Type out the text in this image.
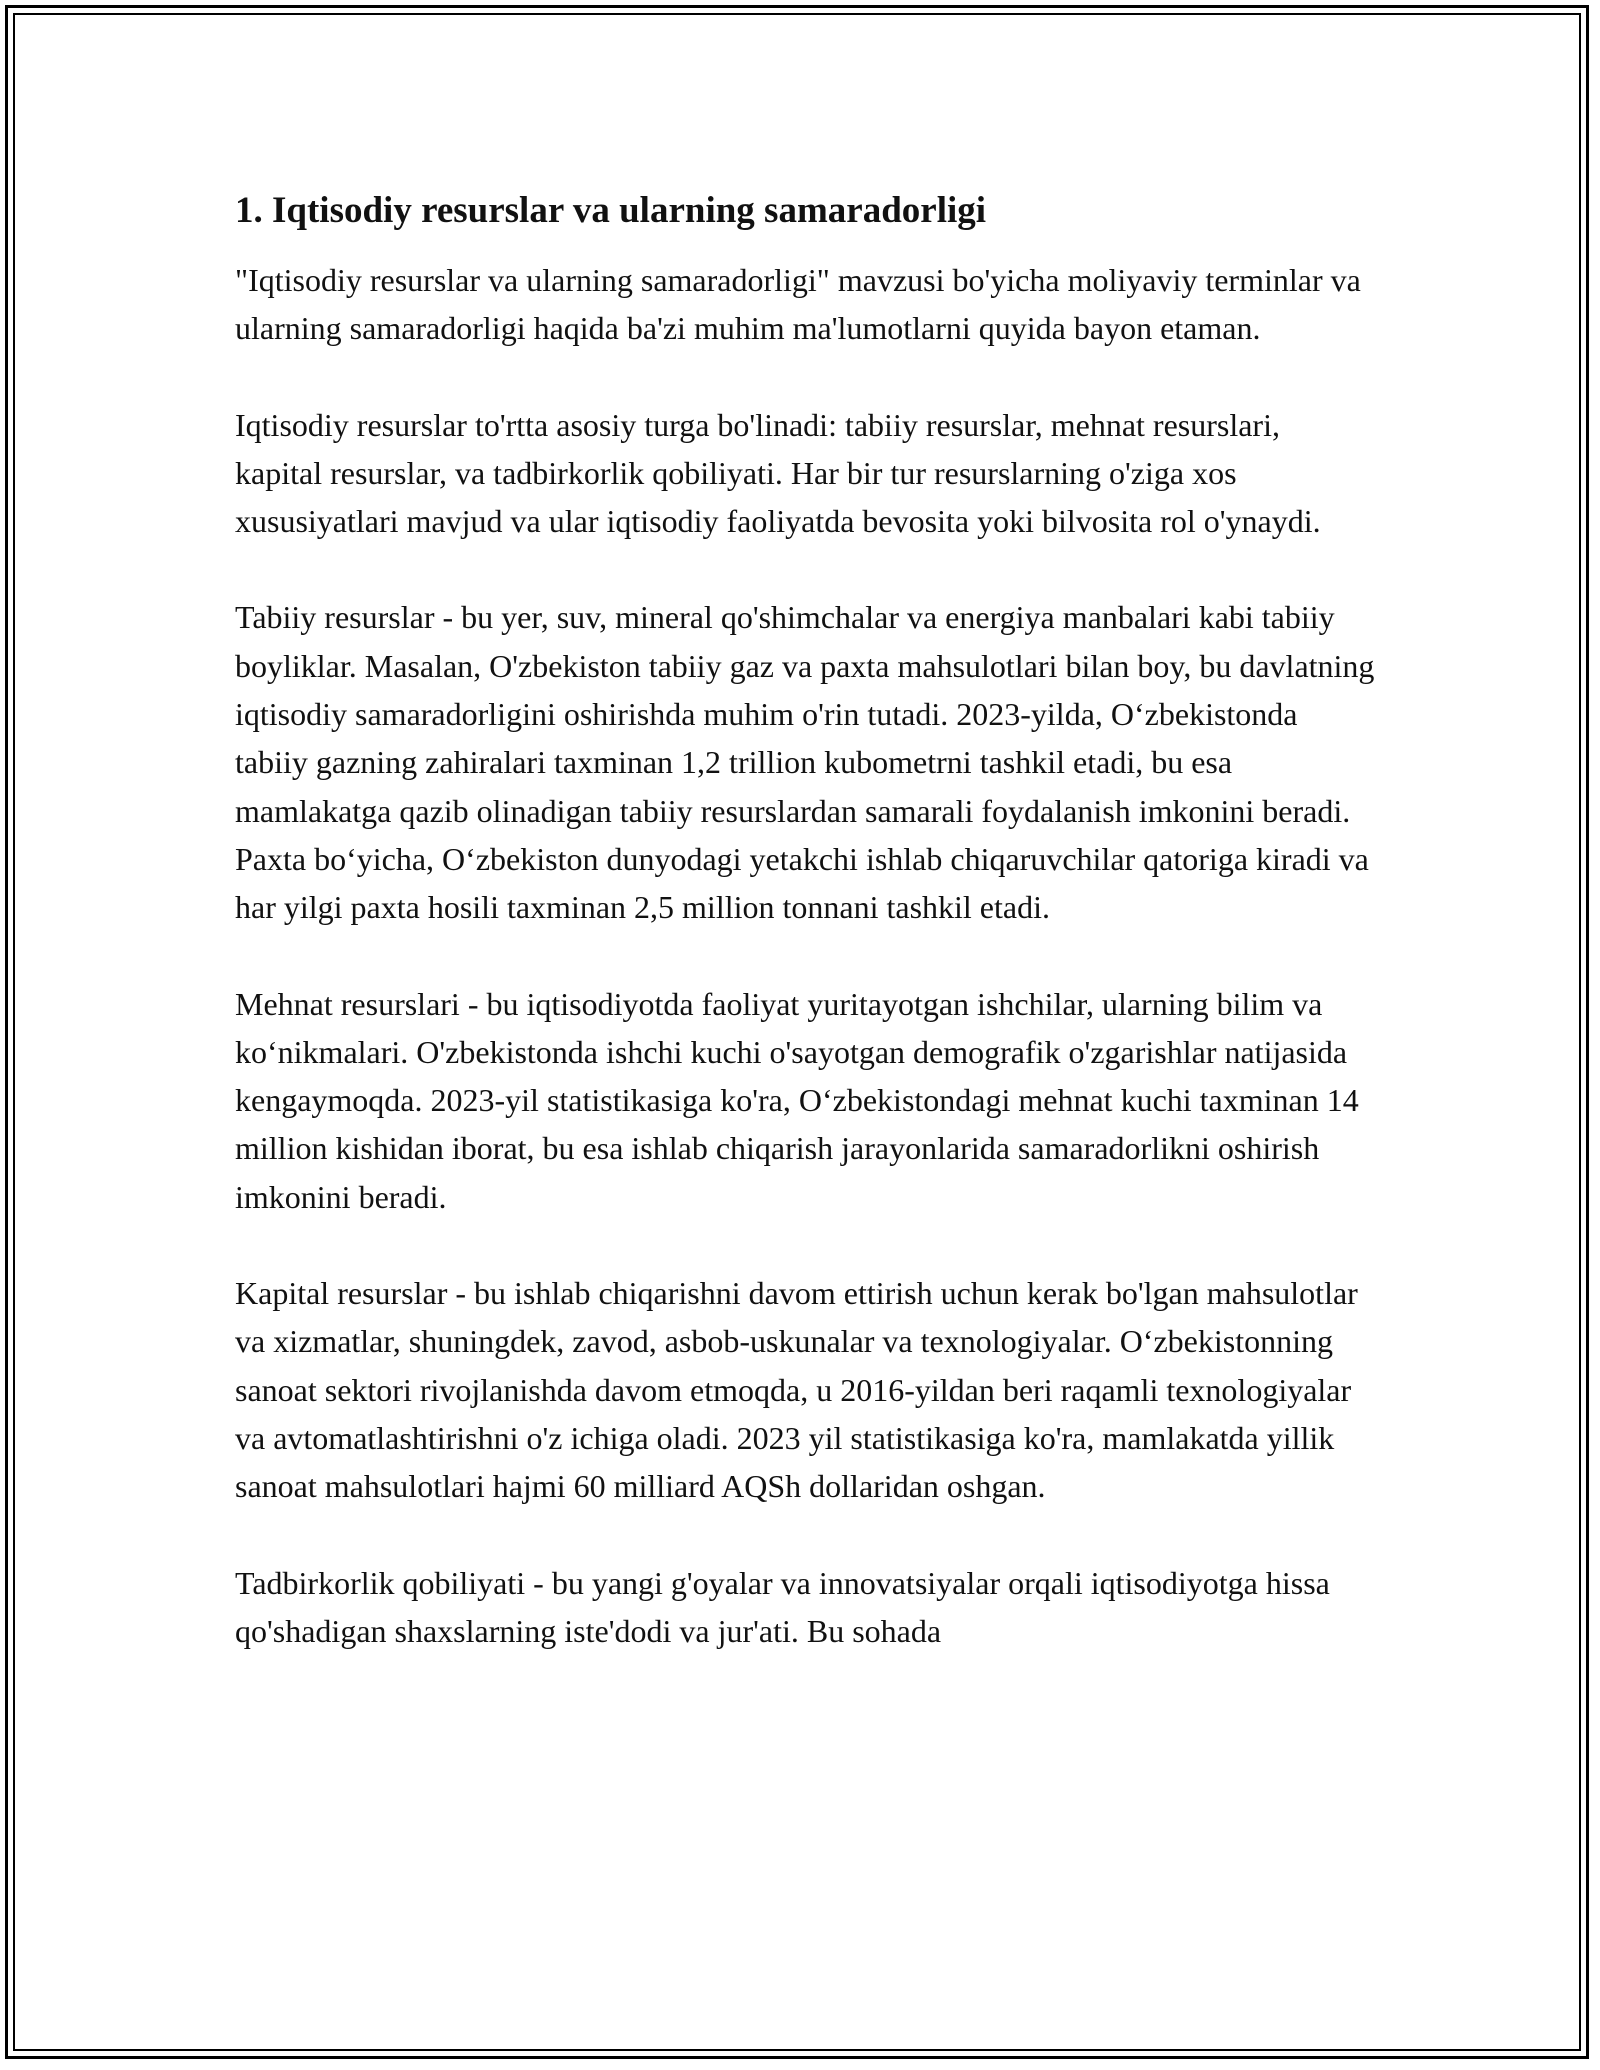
1. Iqtisodiy resurslar va ularning samaradorligi

"Iqtisodiy resurslar va ularning samaradorligi" mavzusi bo'yicha moliyaviy terminlar va ularning samaradorligi haqida ba'zi muhim ma'lumotlarni quyida bayon etaman.

Iqtisodiy resurslar to'rtta asosiy turga bo'linadi: tabiiy resurslar, mehnat resurslari, kapital resurslar, va tadbirkorlik qobiliyati. Har bir tur resurslarning o'ziga xos xususiyatlari mavjud va ular iqtisodiy faoliyatda bevosita yoki bilvosita rol o'ynaydi.

Tabiiy resurslar - bu yer, suv, mineral qo'shimchalar va energiya manbalari kabi tabiiy boyliklar. Masalan, O'zbekiston tabiiy gaz va paxta mahsulotlari bilan boy, bu davlatning iqtisodiy samaradorligini oshirishda muhim o'rin tutadi. 2023-yilda, O‘zbekistonda tabiiy gazning zahiralari taxminan 1,2 trillion kubometrni tashkil etadi, bu esa mamlakatga qazib olinadigan tabiiy resurslardan samarali foydalanish imkonini beradi. Paxta bo‘yicha, O‘zbekiston dunyodagi yetakchi ishlab chiqaruvchilar qatoriga kiradi va har yilgi paxta hosili taxminan 2,5 million tonnani tashkil etadi.

Mehnat resurslari - bu iqtisodiyotda faoliyat yuritayotgan ishchilar, ularning bilim va ko‘nikmalari. O'zbekistonda ishchi kuchi o'sayotgan demografik o'zgarishlar natijasida kengaymoqda. 2023-yil statistikasiga ko'ra, O‘zbekistondagi mehnat kuchi taxminan 14 million kishidan iborat, bu esa ishlab chiqarish jarayonlarida samaradorlikni oshirish imkonini beradi.

Kapital resurslar - bu ishlab chiqarishni davom ettirish uchun kerak bo'lgan mahsulotlar va xizmatlar, shuningdek, zavod, asbob-uskunalar va texnologiyalar. O‘zbekistonning sanoat sektori rivojlanishda davom etmoqda, u 2016-yildan beri raqamli texnologiyalar va avtomatlashtirishni o'z ichiga oladi. 2023 yil statistikasiga ko'ra, mamlakatda yillik sanoat mahsulotlari hajmi 60 milliard AQSh dollaridan oshgan.

Tadbirkorlik qobiliyati - bu yangi g'oyalar va innovatsiyalar orqali iqtisodiyotga hissa qo'shadigan shaxslarning iste'dodi va jur'ati. Bu sohada
